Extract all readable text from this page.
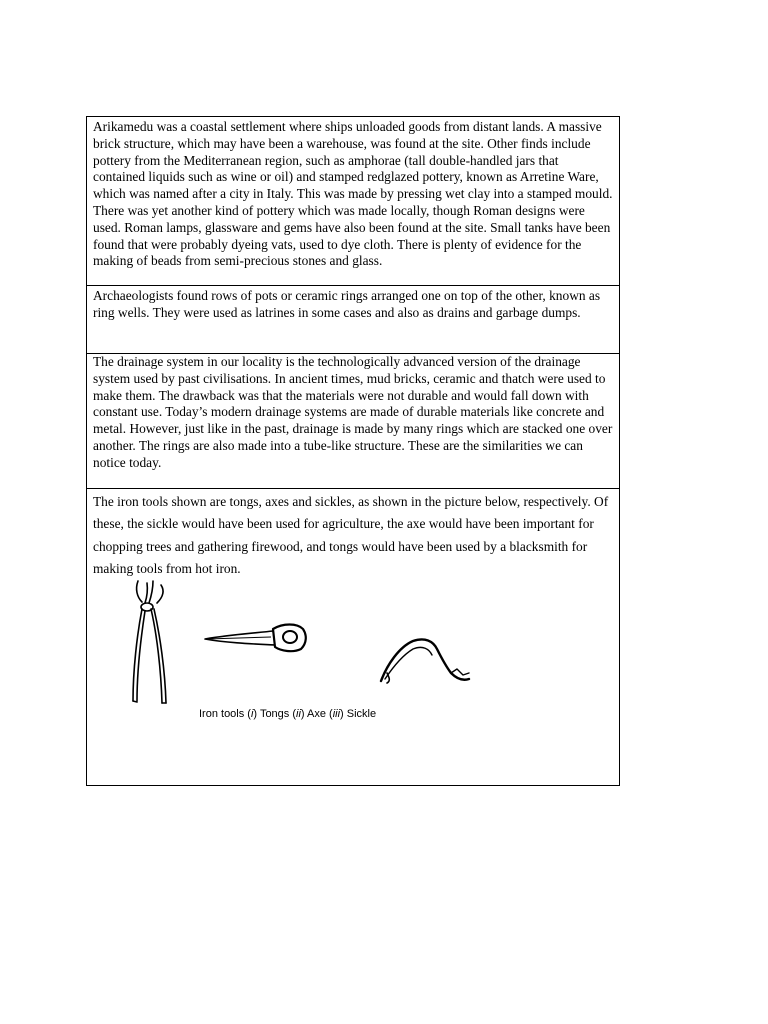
Arikamedu was a coastal settlement where ships unloaded goods from distant lands. A massive brick structure, which may have been a warehouse, was found at the site. Other finds include pottery from the Mediterranean region, such as amphorae (tall double-handled jars that contained liquids such as wine or oil) and stamped redglazed pottery, known as Arretine Ware, which was named after a city in Italy. This was made by pressing wet clay into a stamped mould. There was yet another kind of pottery which was made locally, though Roman designs were used. Roman lamps, glassware and gems have also been found at the site. Small tanks have been found that were probably dyeing vats, used to dye cloth. There is plenty of evidence for the making of beads from semi-precious stones and glass.

Archaeologists found rows of pots or ceramic rings arranged one on top of the other, known as ring wells. They were used as latrines in some cases and also as drains and garbage dumps.

The drainage system in our locality is the technologically advanced version of the drainage system used by past civilisations. In ancient times, mud bricks, ceramic and thatch were used to make them. The drawback was that the materials were not durable and would fall down with constant use. Today’s modern drainage systems are made of durable materials like concrete and metal. However, just like in the past, drainage is made by many rings which are stacked one over another. The rings are also made into a tube-like structure. These are the similarities we can notice today.

The iron tools shown are tongs, axes and sickles, as shown in the picture below, respectively. Of these, the sickle would have been used for agriculture, the axe would have been important for chopping trees and gathering firewood, and tongs would have been used by a blacksmith for making tools from hot iron.

Iron tools (i) Tongs (ii) Axe (iii) Sickle
